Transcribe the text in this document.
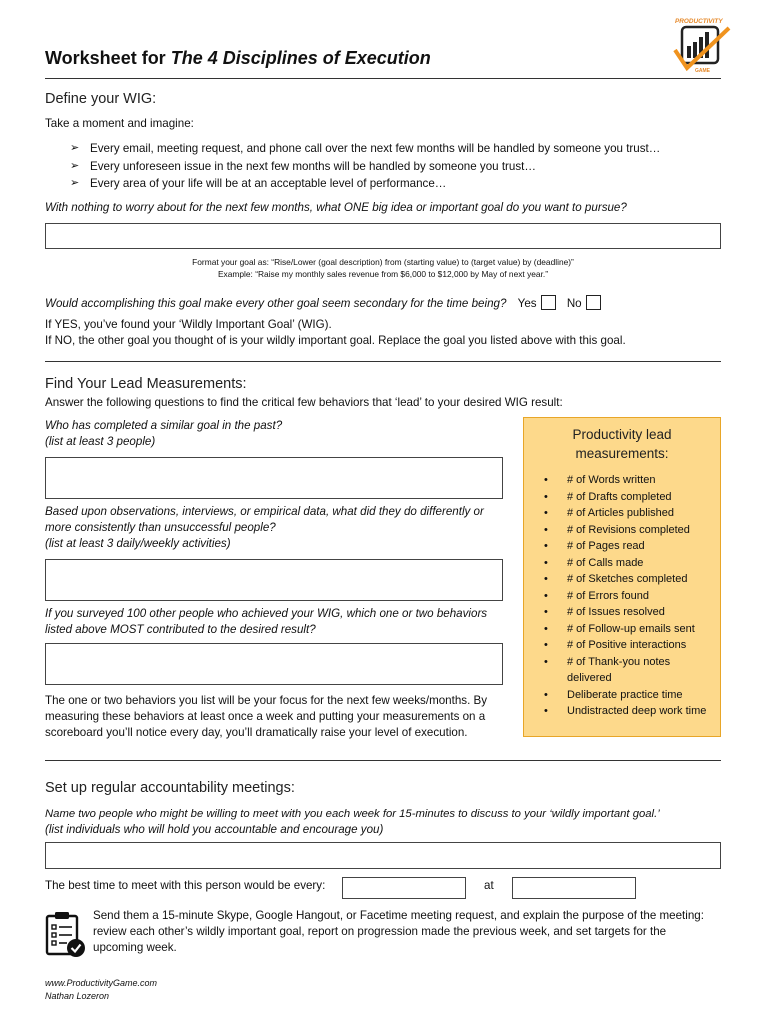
PRODUCTIVITY
GAME
Worksheet for The 4 Disciplines of Execution
Define your WIG:
Take a moment and imagine:
➢ Every email, meeting request, and phone call over the next few months will be handled by someone you trust…
➢ Every unforeseen issue in the next few months will be handled by someone you trust…
➢ Every area of your life will be at an acceptable level of performance…
With nothing to worry about for the next few months, what ONE big idea or important goal do you want to pursue?
Format your goal as: “Rise/Lower (goal description) from (starting value) to (target value) by (deadline)”
Example: “Raise my monthly sales revenue from $6,000 to $12,000 by May of next year.”
Would accomplishing this goal make every other goal seem secondary for the time being? Yes	No
If YES, you’ve found your ‘Wildly Important Goal’ (WIG).
If NO, the other goal you thought of is your wildly important goal. Replace the goal you listed above with this goal.
Find Your Lead Measurements:
Answer the following questions to find the critical few behaviors that ‘lead’ to your desired WIG result:
Who has completed a similar goal in the past?
(list at least 3 people)
Based upon observations, interviews, or empirical data, what did they do differently or
more consistently than unsuccessful people?
(list at least 3 daily/weekly activities)
If you surveyed 100 other people who achieved your WIG, which one or two behaviors
listed above MOST contributed to the desired result?
The one or two behaviors you list will be your focus for the next few weeks/months. By
measuring these behaviors at least once a week and putting your measurements on a
scoreboard you’ll notice every day, you’ll dramatically raise your level of execution.
Productivity lead
measurements:
• # of Words written
• # of Drafts completed
• # of Articles published
• # of Revisions completed
• # of Pages read
• # of Calls made
• # of Sketches completed
• # of Errors found
• # of Issues resolved
• # of Follow-up emails sent
• # of Positive interactions
• # of Thank-you notes delivered
• Deliberate practice time
• Undistracted deep work time
Set up regular accountability meetings:
Name two people who might be willing to meet with you each week for 15-minutes to discuss to your ‘wildly important goal.’
(list individuals who will hold you accountable and encourage you)
The best time to meet with this person would be every:	at
Send them a 15-minute Skype, Google Hangout, or Facetime meeting request, and explain the purpose of the meeting:
review each other’s wildly important goal, report on progression made the previous week, and set targets for the
upcoming week.
www.ProductivityGame.com
Nathan Lozeron
